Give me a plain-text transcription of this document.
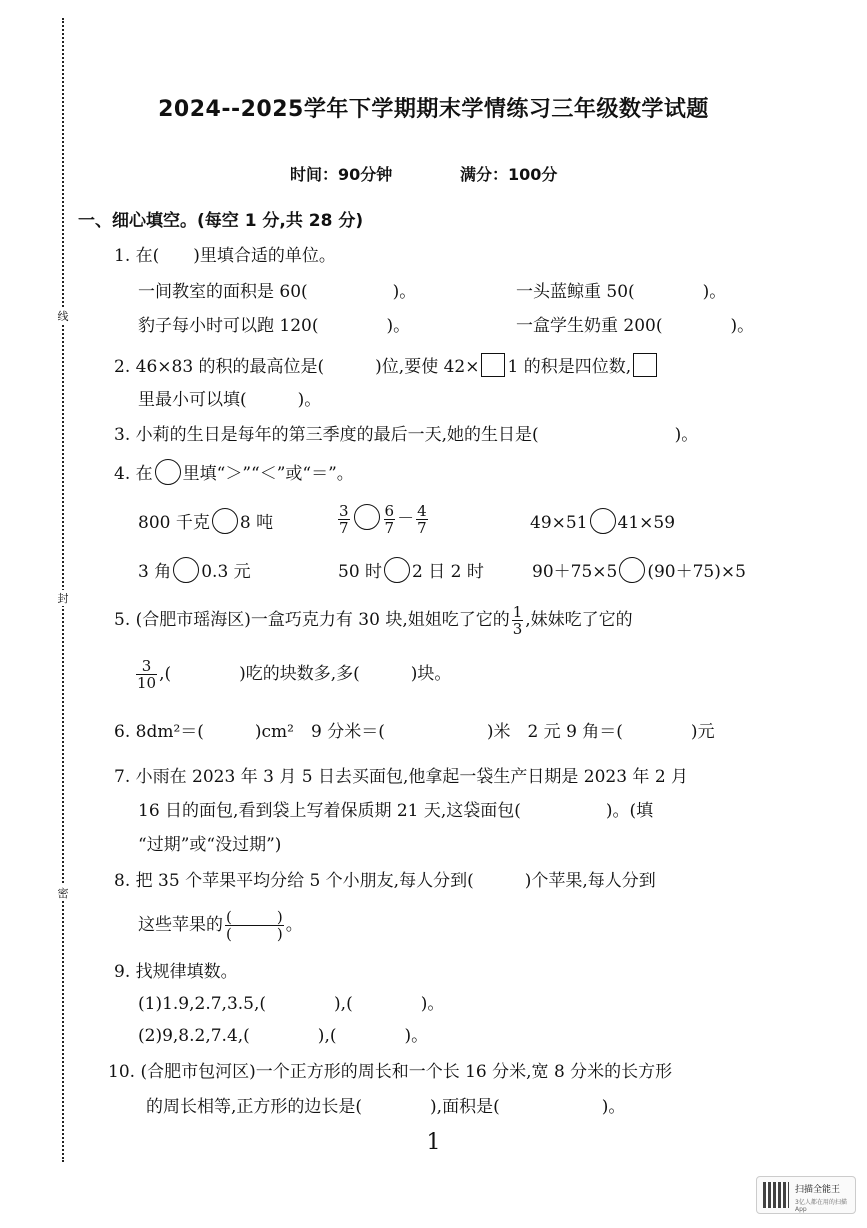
线
封
密
2024--2025学年下学期期末学情练习三年级数学试题
时间：90分钟	满分：100分
一、细心填空。(每空 1 分,共 28 分)
1. 在(　　)里填合适的单位。
一间教室的面积是 60(　　　　　)。	一头蓝鲸重 50(　　　　)。
豹子每小时可以跑 120(　　　　)。	一盒学生奶重 200(　　　　)。
2. 46×83 的积的最高位是(　　　)位,要使 42× 1 的积是四位数,
里最小可以填(　　　)。
3. 小莉的生日是每年的第三季度的最后一天,她的生日是(　　　　　　　　)。
4. 在 里填“＞”“＜”或“＝”。
800 千克 8 吨	$\frac{3}{7} \frac{6}{7} - \frac{4}{7}$	49×51 41×59
3 角 0.3 元	50 时 2 日 2 时	90＋75×5 (90＋75)×5
5. (合肥市瑶海区)一盒巧克力有 30 块,姐姐吃了它的 $\frac{1}{3}$ ,妹妹吃了它的
$\frac{3}{10}$ ,(　　　　)吃的块数多,多(　　　)块。
6. 8dm²＝(　　　)cm²　9 分米＝(　　　　　　)米　2 元 9 角＝(　　　　)元
7. 小雨在 2023 年 3 月 5 日去买面包,他拿起一袋生产日期是 2023 年 2 月
16 日的面包,看到袋上写着保质期 21 天,这袋面包(　　　　　)。(填
“过期”或“没过期”)
8. 把 35 个苹果平均分给 5 个小朋友,每人分到(　　　)个苹果,每人分到
这些苹果的 $\frac{( )}{( )}$ 。
9. 找规律填数。
(1)1.9,2.7,3.5,(　　　　),(　　　　)。
(2)9,8.2,7.4,(　　　　),(　　　　)。
10. (合肥市包河区)一个正方形的周长和一个长 16 分米,宽 8 分米的长方形
的周长相等,正方形的边长是(　　　　),面积是(　　　　　　)。
1
扫描全能王
3亿人都在用的扫描App
